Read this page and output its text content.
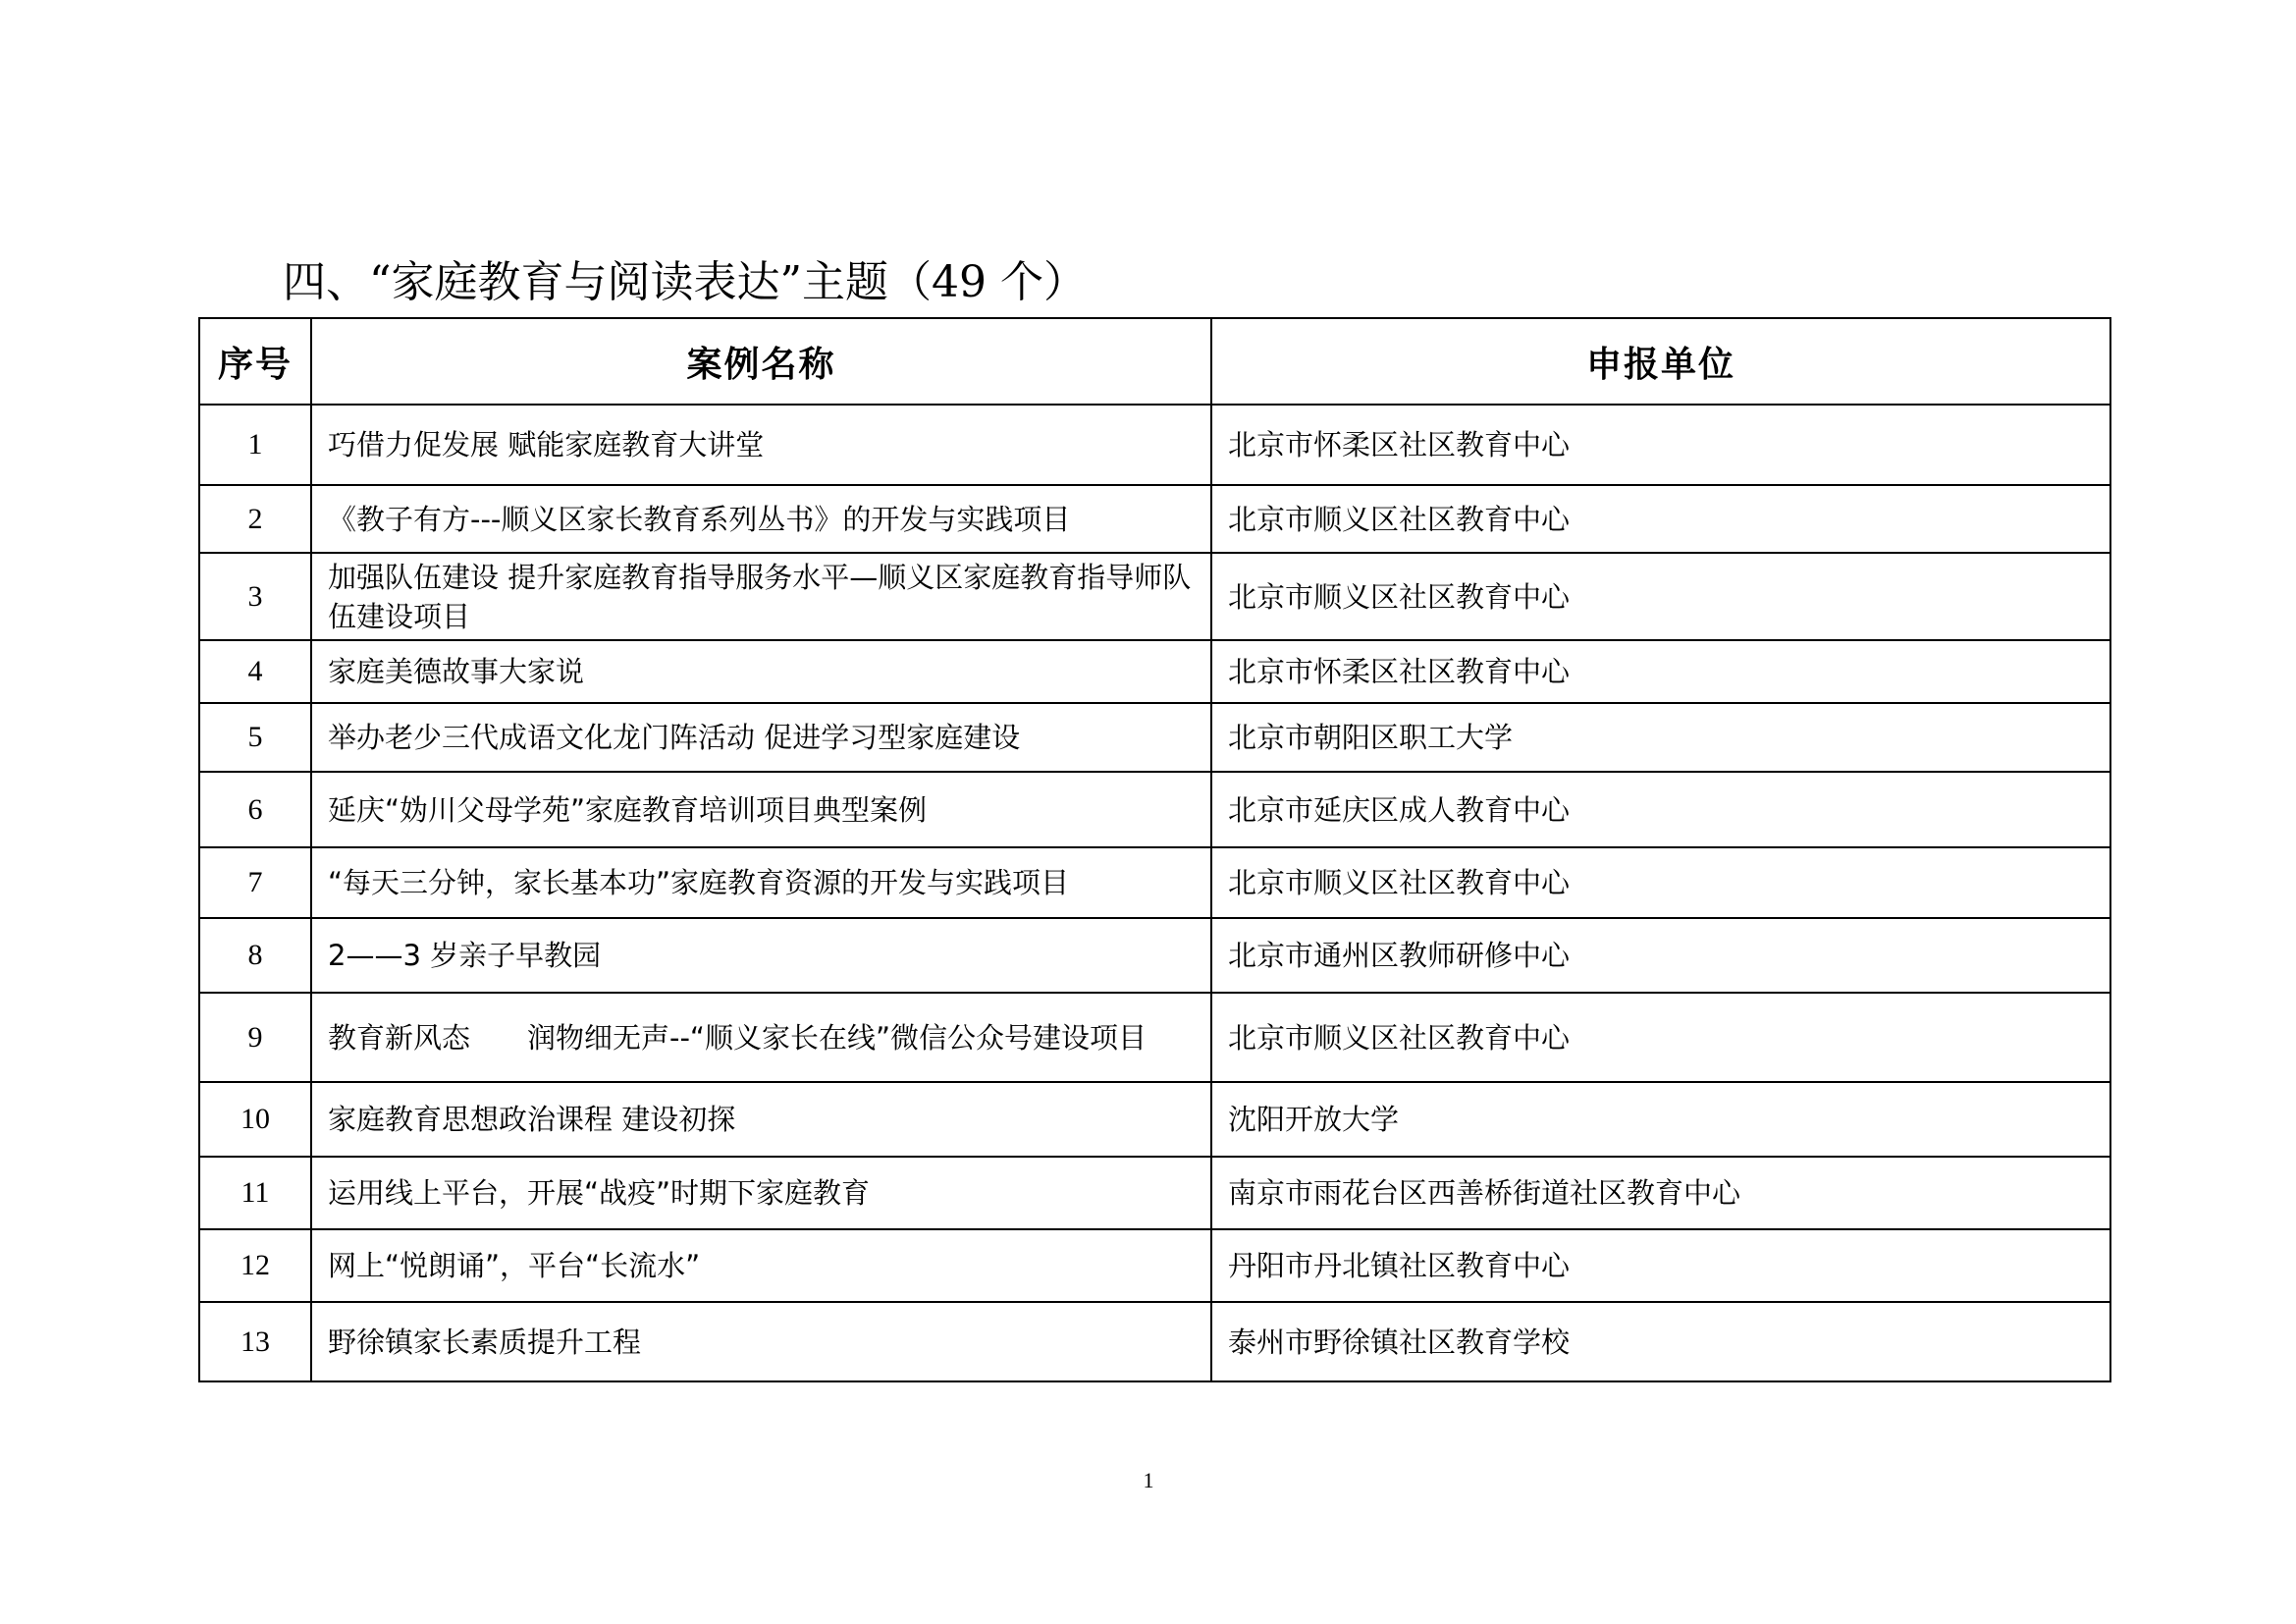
四、“家庭教育与阅读表达”主题（49 个）
序号	案例名称	申报单位
1	巧借力促发展 赋能家庭教育大讲堂	北京市怀柔区社区教育中心
2	《教子有方---顺义区家长教育系列丛书》的开发与实践项目	北京市顺义区社区教育中心
3	加强队伍建设 提升家庭教育指导服务水平—顺义区家庭教育指导师队伍建设项目	北京市顺义区社区教育中心
4	家庭美德故事大家说	北京市怀柔区社区教育中心
5	举办老少三代成语文化龙门阵活动 促进学习型家庭建设	北京市朝阳区职工大学
6	延庆“妫川父母学苑”家庭教育培训项目典型案例	北京市延庆区成人教育中心
7	“每天三分钟，家长基本功”家庭教育资源的开发与实践项目	北京市顺义区社区教育中心
8	2——3 岁亲子早教园	北京市通州区教师研修中心
9	教育新风态　　润物细无声--“顺义家长在线”微信公众号建设项目	北京市顺义区社区教育中心
10	家庭教育思想政治课程 建设初探	沈阳开放大学
11	运用线上平台，开展“战疫”时期下家庭教育	南京市雨花台区西善桥街道社区教育中心
12	网上“悦朗诵”，平台“长流水”	丹阳市丹北镇社区教育中心
13	野徐镇家长素质提升工程	泰州市野徐镇社区教育学校
1
